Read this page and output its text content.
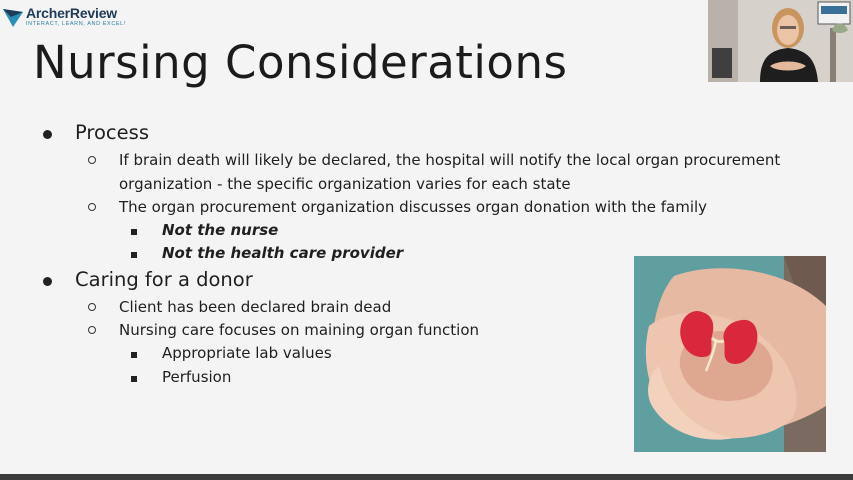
ArcherReview
INTERACT, LEARN, AND EXCEL!
Nursing Considerations
Process
If brain death will likely be declared, the hospital will notify the local organ procurement
organization - the specific organization varies for each state
The organ procurement organization discusses organ donation with the family
Not the nurse
Not the health care provider
Caring for a donor
Client has been declared brain dead
Nursing care focuses on maining organ function
Appropriate lab values
Perfusion
